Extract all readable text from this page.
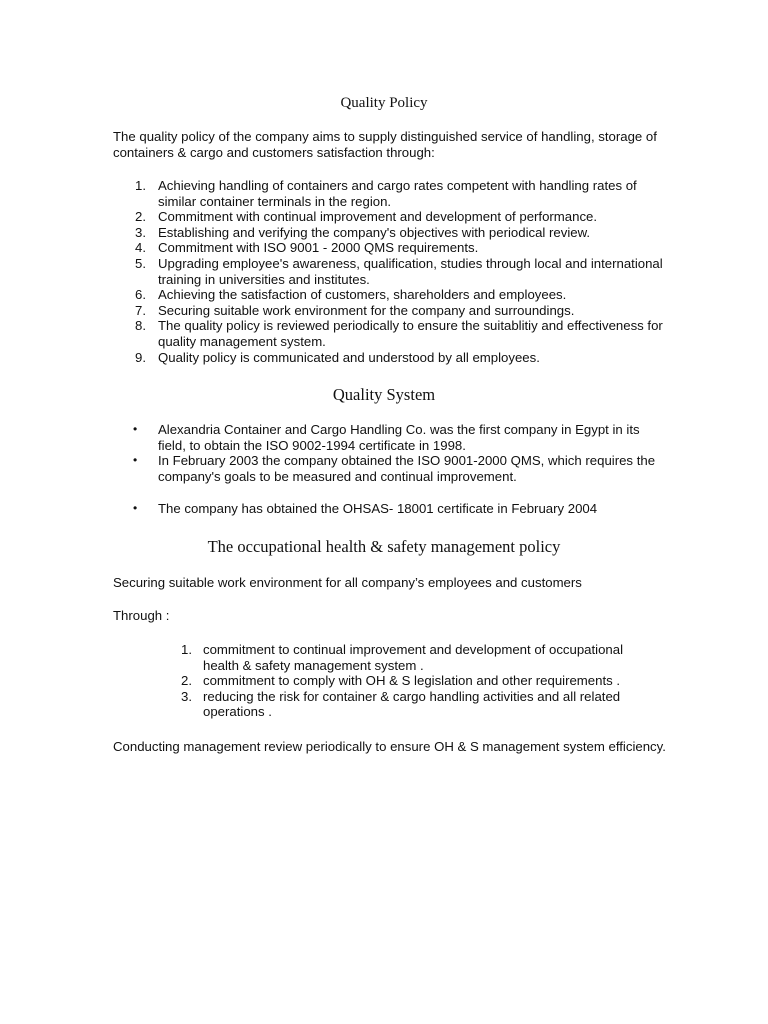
Quality Policy

The quality policy of the company aims to supply distinguished service of handling, storage of containers & cargo and customers satisfaction through:

1. Achieving handling of containers and cargo rates competent with handling rates of similar container terminals in the region.
2. Commitment with continual improvement and development of performance.
3. Establishing and verifying the company's objectives with periodical review.
4. Commitment with ISO 9001 - 2000 QMS requirements.
5. Upgrading employee's awareness, qualification, studies through local and international training in universities and institutes.
6. Achieving the satisfaction of customers, shareholders and employees.
7. Securing suitable work environment for the company and surroundings.
8. The quality policy is reviewed periodically to ensure the suitablitiy and effectiveness for quality management system.
9. Quality policy is communicated and understood by all employees.
Quality System
• Alexandria Container and Cargo Handling Co. was the first company in Egypt in its field, to obtain the ISO 9002-1994 certificate in 1998.
• In February 2003 the company obtained the ISO 9001-2000 QMS, which requires the company's goals to be measured and continual improvement.
• The company has obtained the OHSAS- 18001 certificate in February 2004
The occupational health & safety management policy

Securing suitable work environment for all company’s employees and customers

Through :

1. commitment to continual improvement and development of occupational health & safety management system .
2. commitment to comply with OH & S legislation and other requirements .
3. reducing the risk for container & cargo handling activities and all related operations .

Conducting management review periodically to ensure OH & S management system efficiency.
